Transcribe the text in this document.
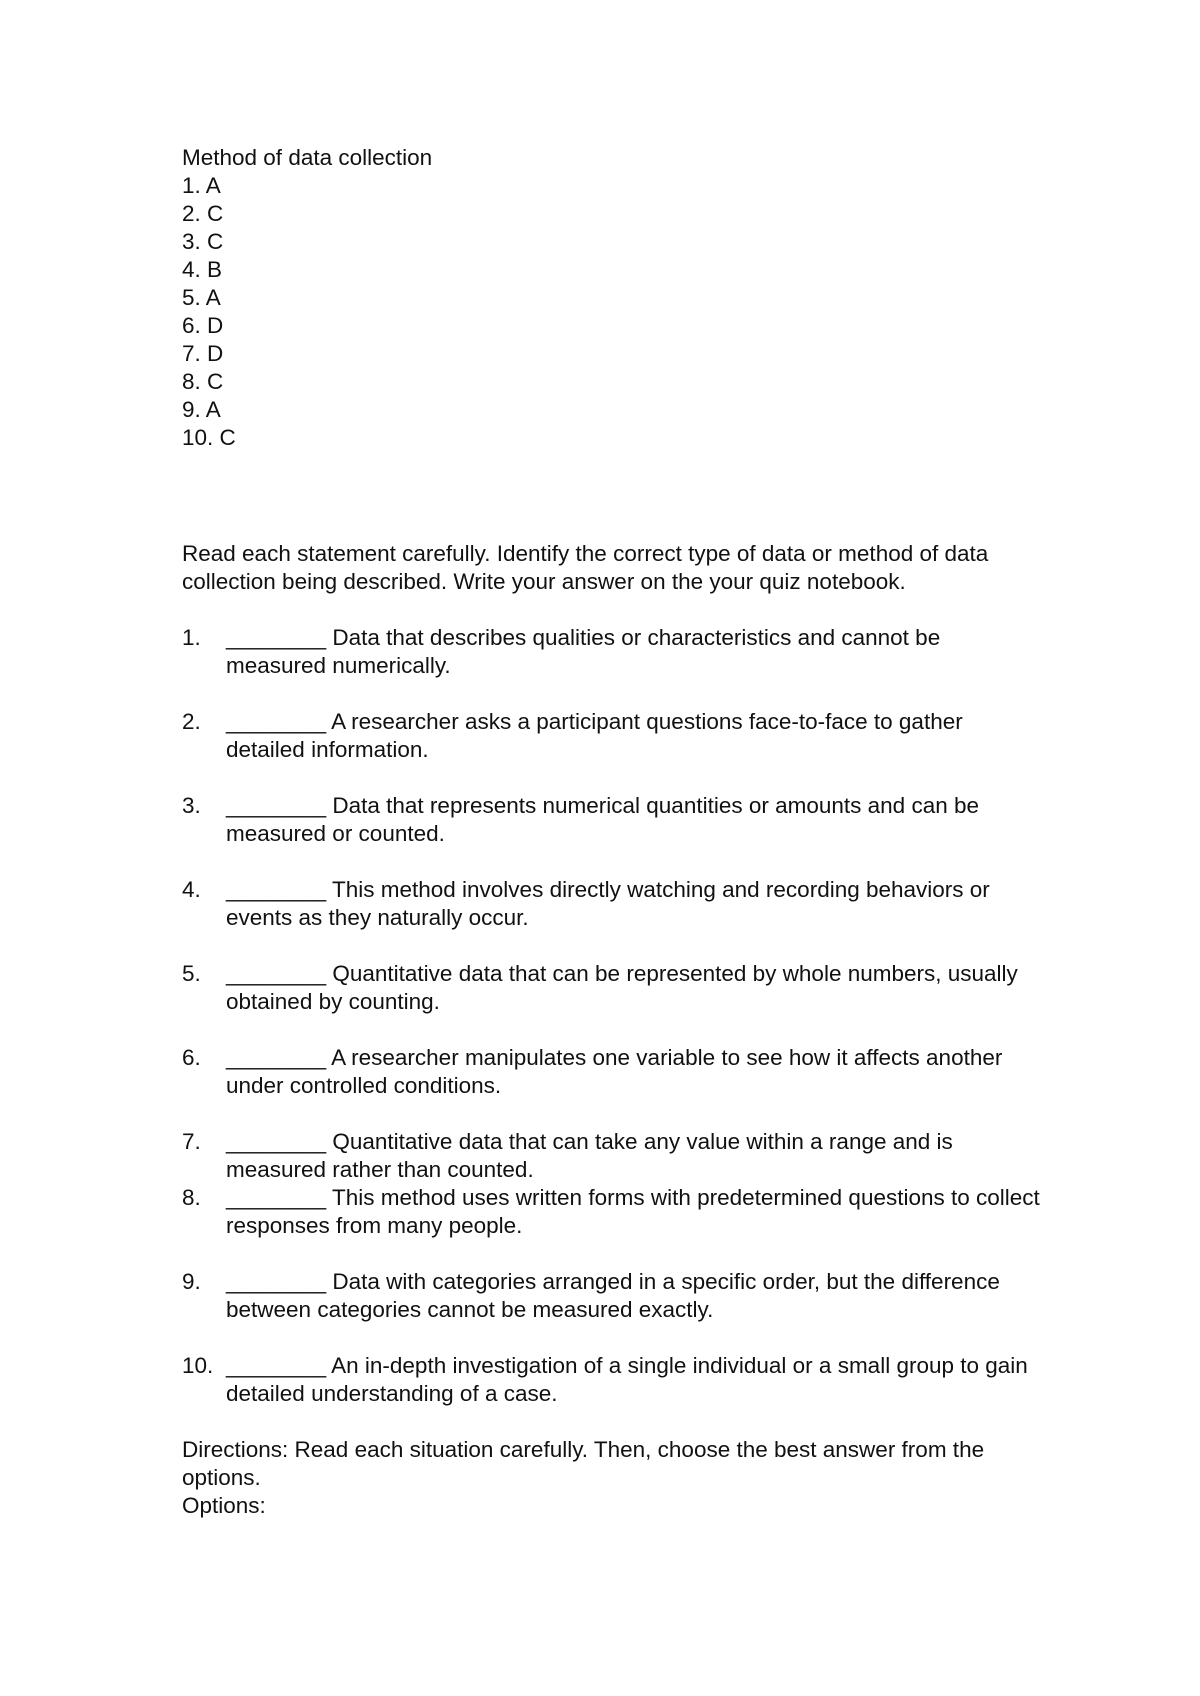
Method of data collection

1. A
2. C
3. C
4. B
5. A
6. D
7. D
8. C
9. A
10. C

Read each statement carefully. Identify the correct type of data or method of data collection being described. Write your answer on the your quiz notebook.

1.	________ Data that describes qualities or characteristics and cannot be measured numerically.
2.	________ A researcher asks a participant questions face-to-face to gather detailed information.
3.	________ Data that represents numerical quantities or amounts and can be measured or counted.
4.	________ This method involves directly watching and recording behaviors or events as they naturally occur.
5.	________ Quantitative data that can be represented by whole numbers, usually obtained by counting.
6.	________ A researcher manipulates one variable to see how it affects another under controlled conditions.
7.	________ Quantitative data that can take any value within a range and is measured rather than counted.
8.	________ This method uses written forms with predetermined questions to collect responses from many people.
9.	________ Data with categories arranged in a specific order, but the difference between categories cannot be measured exactly.
10. ________ An in-depth investigation of a single individual or a small group to gain detailed understanding of a case.

Directions: Read each situation carefully. Then, choose the best answer from the options.

Options:
